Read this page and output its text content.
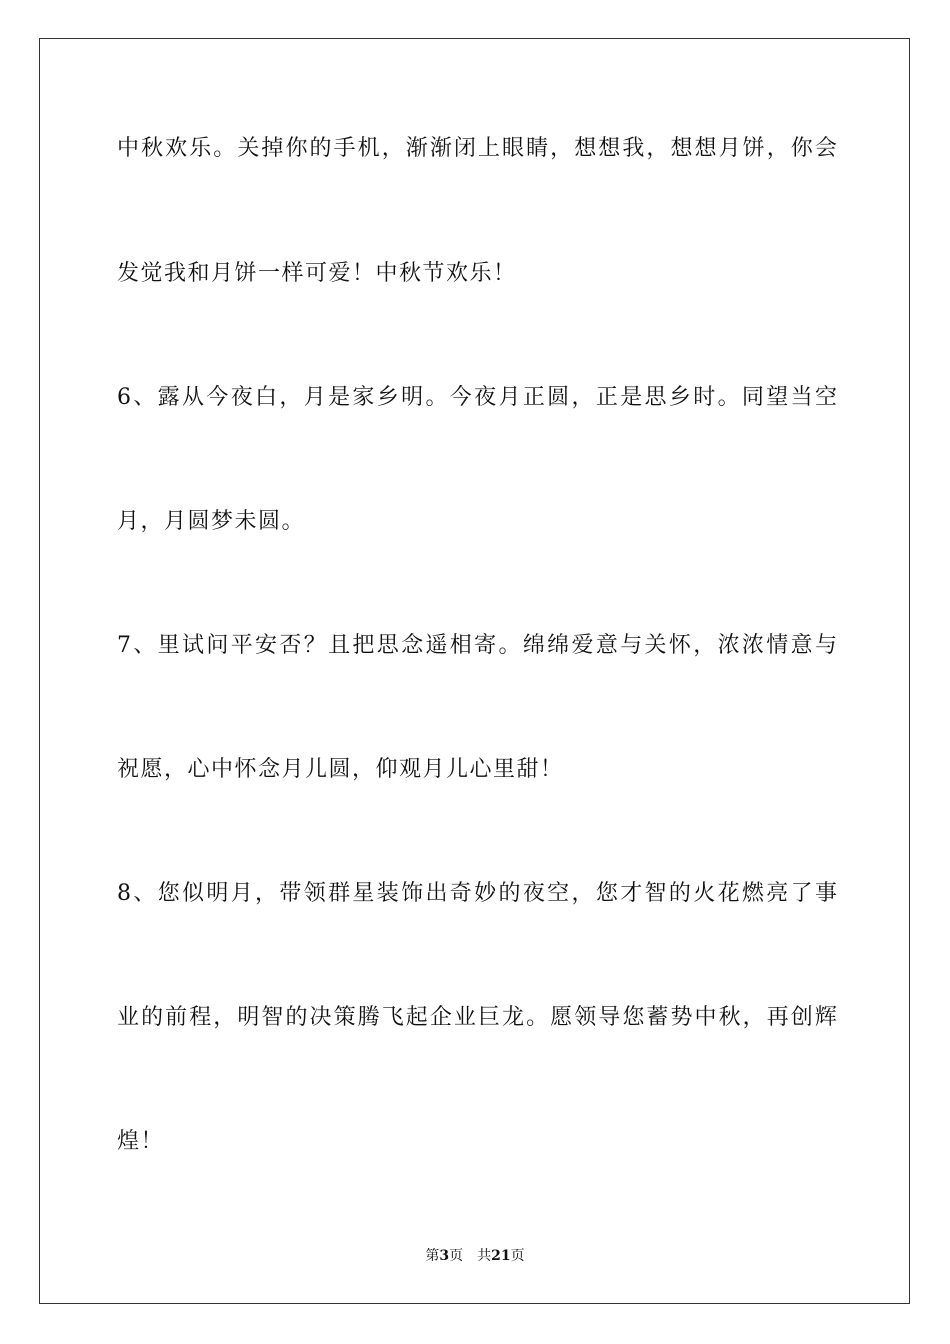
中 秋 欢 乐 。 关 掉 你 的 手 机 ， 渐 渐 闭 上 眼 睛 ， 想 想 我 ， 想 想 月 饼 ， 你 会
发觉我和月饼一样可爱！中秋节欢乐！
6 、 露 从 今 夜 白 ， 月 是 家 乡 明 。 今 夜 月 正 圆 ， 正 是 思 乡 时 。 同 望 当 空
月，月圆梦未圆。
7 、 里 试 问 平 安 否 ？ 且 把 思 念 遥 相 寄 。 绵 绵 爱 意 与 关 怀 ， 浓 浓 情 意 与
祝愿，心中怀念月儿圆，仰观月儿心里甜！
8 、 您 似 明 月 ， 带 领 群 星 装 饰 出 奇 妙 的 夜 空 ， 您 才 智 的 火 花 燃 亮 了 事
业 的 前 程 ， 明 智 的 决 策 腾 飞 起 企 业 巨 龙 。 愿 领 导 您 蓄 势 中 秋 ， 再 创 辉
煌！
第3页 共21页
